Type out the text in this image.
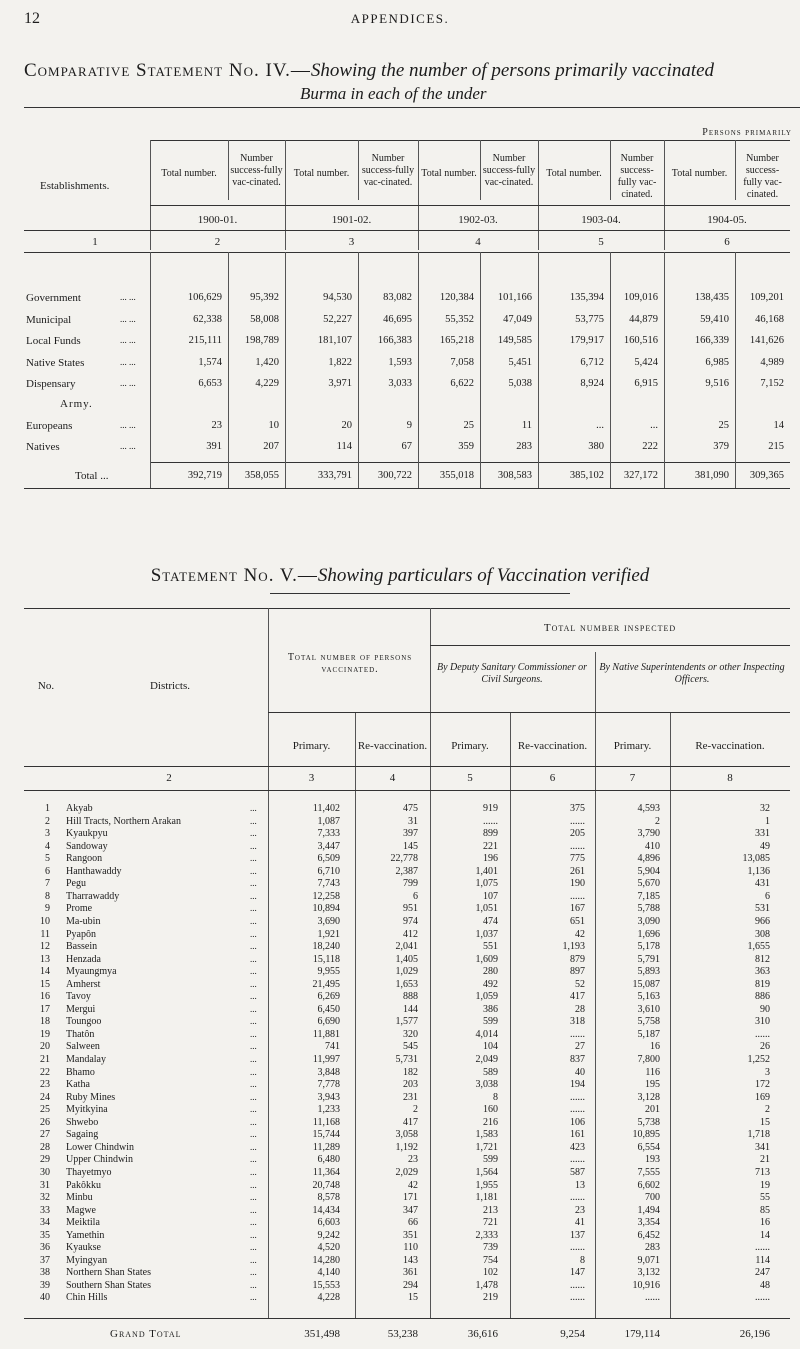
12	APPENDICES.
Comparative Statement No. IV.—Showing the number of persons primarily vaccinated
Burma in each of the under
Persons primarily
Establishments.
Total number.
Number success-fully vac-cinated.
1900-01.
Total number.
Number success-fully vac-cinated.
1901-02.
Total number.
Number success-fully vac-cinated.
1902-03.
Total number.
Number success-fully vac-cinated.
1903-04.
Total number.
Number success-fully vac-cinated.
1904-05.
1	2	3	4	5	6
Government	... ...	106,629	95,392	94,530	83,082	120,384	101,166	135,394	109,016	138,435	109,201
Municipal	... ...	62,338	58,008	52,227	46,695	55,352	47,049	53,775	44,879	59,410	46,168
Local Funds	... ...	215,111	198,789	181,107	166,383	165,218	149,585	179,917	160,516	166,339	141,626
Native States	... ...	1,574	1,420	1,822	1,593	7,058	5,451	6,712	5,424	6,985	4,989
Dispensary	... ...	6,653	4,229	3,971	3,033	6,622	5,038	8,924	6,915	9,516	7,152
Europeans	... ...	23	10	20	9	25	11	...	...	25	14
Natives	... ...	391	207	114	67	359	283	380	222	379	215
Army.
Total ...	392,719	358,055	333,791	300,722	355,018	308,583	385,102	327,172	381,090	309,365
Statement No. V.—Showing particulars of Vaccination verified
Total number inspected
Total number of persons vaccinated.	By Deputy Sanitary Commissioner or Civil Surgeons.
By Native Superintendents or other Inspecting Officers.
No.	Districts.
Primary.	Re-vaccination.	Primary.	Re-vaccination.	Primary.	Re-vaccination.
2	3	4	5	6	7	8
1 Akyab	...	11,402	475	919	375	4,593	32
2 Hill Tracts, Northern Arakan	...	1,087	31	......	......	2	1
3 Kyaukpyu	...	7,333	397	899	205	3,790	331
4 Sandoway	...	3,447	145	221	......	410	49
5 Rangoon	...	6,509	22,778	196	775	4,896	13,085
6 Hanthawaddy	...	6,710	2,387	1,401	261	5,904	1,136
7 Pegu	...	7,743	799	1,075	190	5,670	431
8 Tharrawaddy	...	12,258	6	107	......	7,185	6
9 Prome	...	10,894	951	1,051	167	5,788	531
10 Ma-ubin	...	3,690	974	474	651	3,090	966
11 Pyapôn	...	1,921	412	1,037	42	1,696	308
12 Bassein	...	18,240	2,041	551	1,193	5,178	1,655
13 Henzada	...	15,118	1,405	1,609	879	5,791	812
14 Myaungmya	...	9,955	1,029	280	897	5,893	363
15 Amherst	...	21,495	1,653	492	52	15,087	819
16 Tavoy	...	6,269	888	1,059	417	5,163	886
17 Mergui	...	6,450	144	386	28	3,610	90
18 Toungoo	...	6,690	1,577	599	318	5,758	310
19 Thatôn	...	11,881	320	4,014	......	5,187	......
20 Salween	...	741	545	104	27	16	26
21 Mandalay	...	11,997	5,731	2,049	837	7,800	1,252
22 Bhamo	...	3,848	182	589	40	116	3
23 Katha	...	7,778	203	3,038	194	195	172
24 Ruby Mines	...	3,943	231	8	......	3,128	169
25 Myitkyina	...	1,233	2	160	......	201	2
26 Shwebo	...	11,168	417	216	106	5,738	15
27 Sagaing	...	15,744	3,058	1,583	161	10,895	1,718
28 Lower Chindwin	...	11,289	1,192	1,721	423	6,554	341
29 Upper Chindwin	...	6,480	23	599	......	193	21
30 Thayetmyo	...	11,364	2,029	1,564	587	7,555	713
31 Pakôkku	...	20,748	42	1,955	13	6,602	19
32 Minbu	...	8,578	171	1,181	......	700	55
33 Magwe	...	14,434	347	213	23	1,494	85
34 Meiktila	...	6,603	66	721	41	3,354	16
35 Yamethin	...	9,242	351	2,333	137	6,452	14
36 Kyaukse	...	4,520	110	739	......	283	......
37 Myingyan	...	14,280	143	754	8	9,071	114
38 Northern Shan States	...	4,140	361	102	147	3,132	247
39 Southern Shan States	...	15,553	294	1,478	......	10,916	48
40 Chin Hills	...	4,228	15	219	......	......	......
Grand Total	351,498	53,238	36,616	9,254	179,114	26,196
